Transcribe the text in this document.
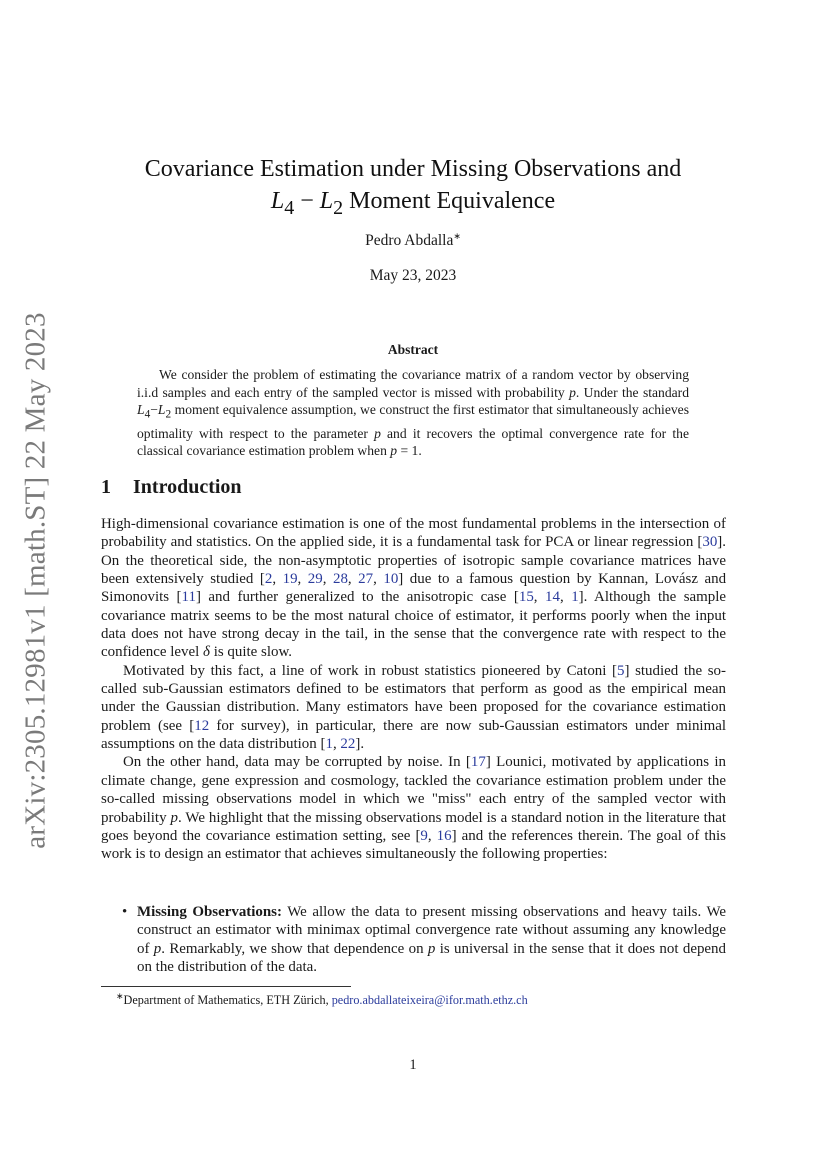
arXiv:2305.12981v1 [math.ST] 22 May 2023
Covariance Estimation under Missing Observations and
$L_4 - L_2$ Moment Equivalence
Pedro Abdalla∗
May 23, 2023
Abstract
We consider the problem of estimating the covariance matrix of a random vector by observing i.i.d samples and each entry of the sampled vector is missed with probability p. Under the standard $L_4-L_2$ moment equivalence assumption, we construct the first estimator that simultaneously achieves optimality with respect to the parameter p and it recovers the optimal convergence rate for the classical covariance estimation problem when p = 1.
1 Introduction

High-dimensional covariance estimation is one of the most fundamental problems in the intersection of probability and statistics. On the applied side, it is a fundamental task for PCA or linear regression [30]. On the theoretical side, the non-asymptotic properties of isotropic sample covariance matrices have been extensively studied [2, 19, 29, 28, 27, 10] due to a famous question by Kannan, Lovász and Simonovits [11] and further generalized to the anisotropic case [15, 14, 1]. Although the sample covariance matrix seems to be the most natural choice of estimator, it performs poorly when the input data does not have strong decay in the tail, in the sense that the convergence rate with respect to the confidence level δ is quite slow.

Motivated by this fact, a line of work in robust statistics pioneered by Catoni [5] studied the so-called sub-Gaussian estimators defined to be estimators that perform as good as the empirical mean under the Gaussian distribution. Many estimators have been proposed for the covariance estimation problem (see [12 for survey), in particular, there are now sub-Gaussian estimators under minimal assumptions on the data distribution [1, 22].

On the other hand, data may be corrupted by noise. In [17] Lounici, motivated by applications in climate change, gene expression and cosmology, tackled the covariance estimation problem under the so-called missing observations model in which we "miss" each entry of the sampled vector with probability p. We highlight that the missing observations model is a standard notion in the literature that goes beyond the covariance estimation setting, see [9, 16] and the references therein. The goal of this work is to design an estimator that achieves simultaneously the following properties:

• Missing Observations: We allow the data to present missing observations and heavy tails. We construct an estimator with minimax optimal convergence rate without assuming any knowledge of p. Remarkably, we show that dependence on p is universal in the sense that it does not depend on the distribution of the data.
∗Department of Mathematics, ETH Zürich, pedro.abdallateixeira@ifor.math.ethz.ch
1
